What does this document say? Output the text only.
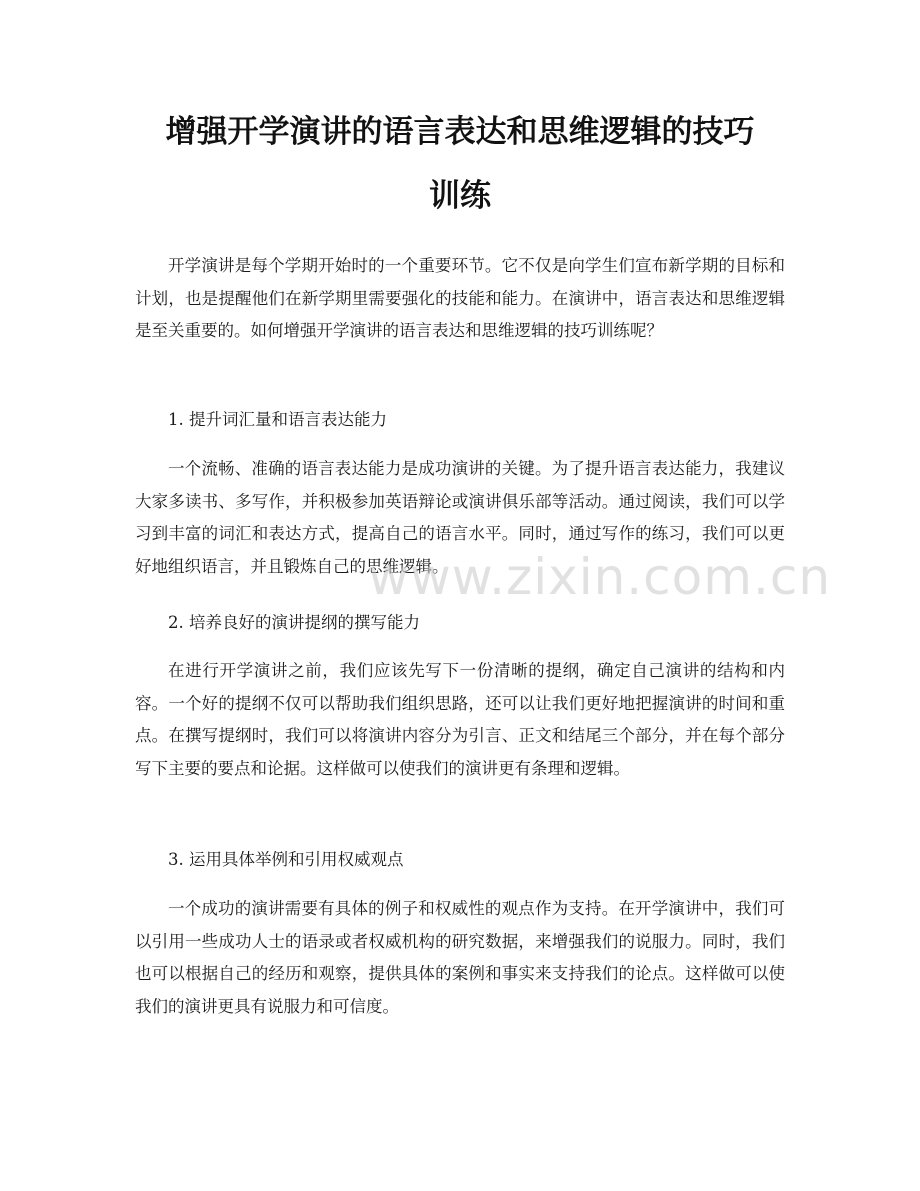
增强开学演讲的语言表达和思维逻辑的技巧
训练

开学演讲是每个学期开始时的一个重要环节。它不仅是向学生们宣布新学期的目标和计划，也是提醒他们在新学期里需要强化的技能和能力。在演讲中，语言表达和思维逻辑是至关重要的。如何增强开学演讲的语言表达和思维逻辑的技巧训练呢？

1. 提升词汇量和语言表达能力

一个流畅、准确的语言表达能力是成功演讲的关键。为了提升语言表达能力，我建议大家多读书、多写作，并积极参加英语辩论或演讲俱乐部等活动。通过阅读，我们可以学习到丰富的词汇和表达方式，提高自己的语言水平。同时，通过写作的练习，我们可以更好地组织语言，并且锻炼自己的思维逻辑。

2. 培养良好的演讲提纲的撰写能力

在进行开学演讲之前，我们应该先写下一份清晰的提纲，确定自己演讲的结构和内容。一个好的提纲不仅可以帮助我们组织思路，还可以让我们更好地把握演讲的时间和重点。在撰写提纲时，我们可以将演讲内容分为引言、正文和结尾三个部分，并在每个部分写下主要的要点和论据。这样做可以使我们的演讲更有条理和逻辑。

3. 运用具体举例和引用权威观点

一个成功的演讲需要有具体的例子和权威性的观点作为支持。在开学演讲中，我们可以引用一些成功人士的语录或者权威机构的研究数据，来增强我们的说服力。同时，我们也可以根据自己的经历和观察，提供具体的案例和事实来支持我们的论点。这样做可以使我们的演讲更具有说服力和可信度。

www.zixin.com.cn
